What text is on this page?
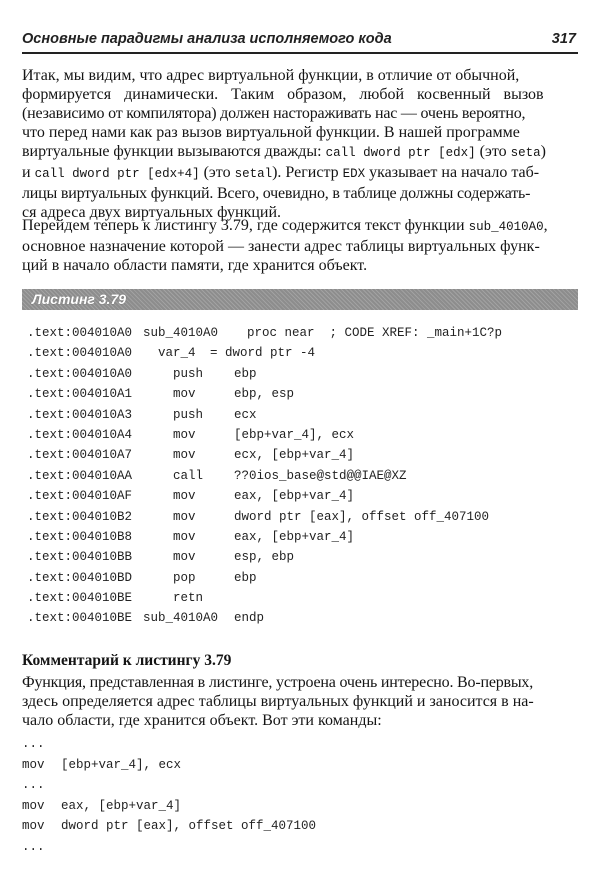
Основные парадигмы анализа исполняемого кода	317

Итак, мы видим, что адрес виртуальной функции, в отличие от обычной,
формируется динамически. Таким образом, любой косвенный вызов
(независимо от компилятора) должен настораживать нас — очень вероятно,
что перед нами как раз вызов виртуальной функции. В нашей программе
виртуальные функции вызываются дважды: call dword ptr [edx] (это seta)
и call dword ptr [edx+4] (это setal). Регистр EDX указывает на начало таб-
лицы виртуальных функций. Всего, очевидно, в таблице должны содержать-
ся адреса двух виртуальных функций.

Перейдем теперь к листингу 3.79, где содержится текст функции sub_4010A0,
основное назначение которой — занести адрес таблицы виртуальных функ-
ций в начало области памяти, где хранится объект.

Листинг 3.79
.text:004010A0 sub_4010A0 proc near  ; CODE XREF: _main+1C?p
.text:004010A0 var_4 = dword ptr -4
.text:004010A0	push ebp
.text:004010A1	mov	ebp, esp
.text:004010A3	push ecx
.text:004010A4	mov	[ebp+var_4], ecx
.text:004010A7	mov	ecx, [ebp+var_4]
.text:004010AA	call ??0ios_base@std@@IAE@XZ
.text:004010AF	mov	eax, [ebp+var_4]
.text:004010B2	mov	dword ptr [eax], offset off_407100
.text:004010B8	mov	eax, [ebp+var_4]
.text:004010BB	mov	esp, ebp
.text:004010BD	pop	ebp
.text:004010BE	retn
.text:004010BE sub_4010A0 endp
Комментарий к листингу 3.79

Функция, представленная в листинге, устроена очень интересно. Во-первых,
здесь определяется адрес таблицы виртуальных функций и заносится в на-
чало области, где хранится объект. Вот эти команды:

...
mov [ebp+var_4], ecx
...
mov eax, [ebp+var_4]
mov dword ptr [eax], offset off_407100
...
